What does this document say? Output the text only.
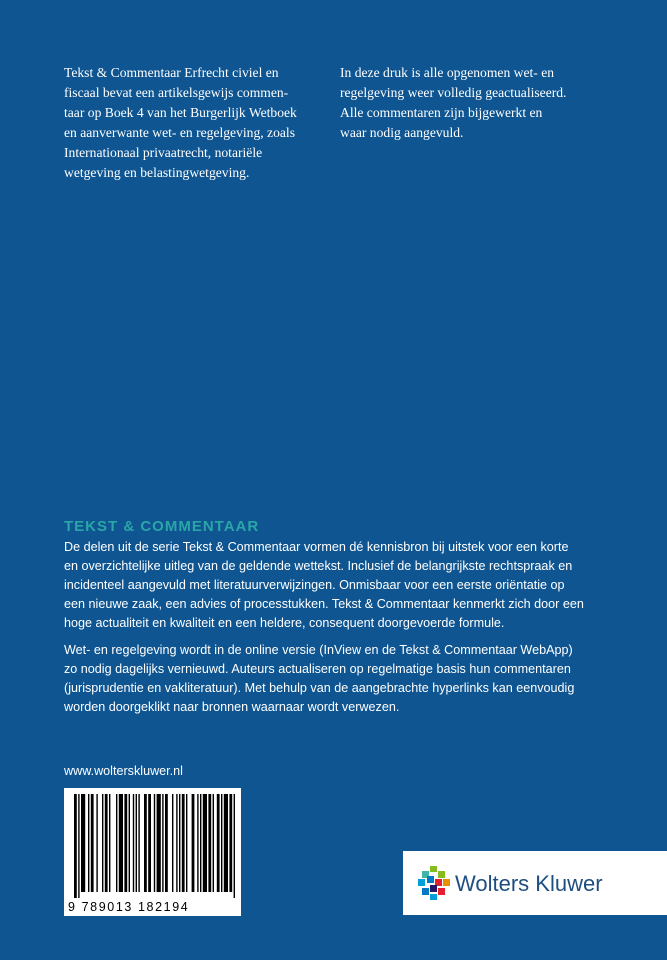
Tekst & Commentaar Erfrecht civiel en

fiscaal bevat een artikelsgewijs commen-

taar op Boek 4 van het Burgerlijk Wetboek

en aanverwante wet- en regelgeving, zoals

Internationaal privaatrecht, notariële

wetgeving en belastingwetgeving.

In deze druk is alle opgenomen wet- en

regelgeving weer volledig geactualiseerd.

Alle commentaren zijn bijgewerkt en

waar nodig aangevuld.

TEKST & COMMENTAAR

De delen uit de serie Tekst & Commentaar vormen dé kennisbron bij uitstek voor een korte

en overzichtelijke uitleg van de geldende wettekst. Inclusief de belangrijkste rechtspraak en

incidenteel aangevuld met literatuurverwijzingen. Onmisbaar voor een eerste oriëntatie op

een nieuwe zaak, een advies of processtukken. Tekst & Commentaar kenmerkt zich door een

hoge actualiteit en kwaliteit en een heldere, consequent doorgevoerde formule.

Wet- en regelgeving wordt in de online versie (InView en de Tekst & Commentaar WebApp)

zo nodig dagelijks vernieuwd. Auteurs actualiseren op regelmatige basis hun commentaren

(jurisprudentie en vakliteratuur). Met behulp van de aangebrachte hyperlinks kan eenvoudig

worden doorgeklikt naar bronnen waarnaar wordt verwezen.

www.wolterskluwer.nl
9 789013 182194
Wolters Kluwer
